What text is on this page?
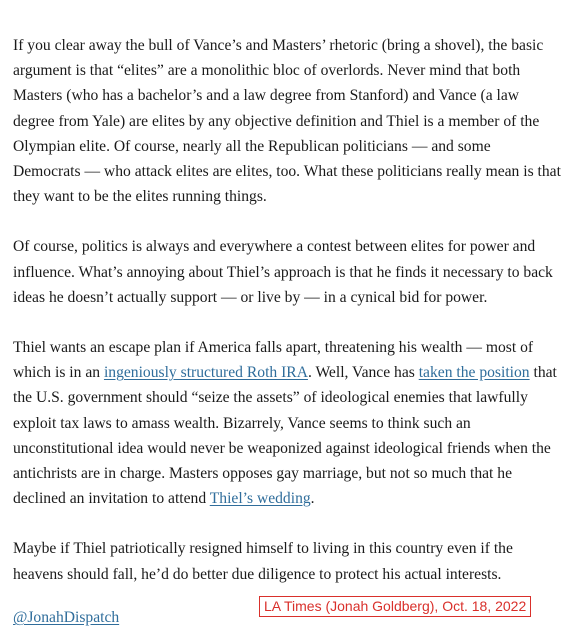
If you clear away the bull of Vance’s and Masters’ rhetoric (bring a shovel), the basic argument is that “elites” are a monolithic bloc of overlords. Never mind that both Masters (who has a bachelor’s and a law degree from Stanford) and Vance (a law degree from Yale) are elites by any objective definition and Thiel is a member of the Olympian elite. Of course, nearly all the Republican politicians — and some Democrats — who attack elites are elites, too. What these politicians really mean is that they want to be the elites running things.

Of course, politics is always and everywhere a contest between elites for power and influence. What’s annoying about Thiel’s approach is that he finds it necessary to back ideas he doesn’t actually support — or live by — in a cynical bid for power.

Thiel wants an escape plan if America falls apart, threatening his wealth — most of which is in an ingeniously structured Roth IRA. Well, Vance has taken the position that the U.S. government should “seize the assets” of ideological enemies that lawfully exploit tax laws to amass wealth. Bizarrely, Vance seems to think such an unconstitutional idea would never be weaponized against ideological friends when the antichrists are in charge. Masters opposes gay marriage, but not so much that he declined an invitation to attend Thiel’s wedding.

Maybe if Thiel patriotically resigned himself to living in this country even if the heavens should fall, he’d do better due diligence to protect his actual interests.

@JonahDispatch
LA Times (Jonah Goldberg), Oct. 18, 2022
